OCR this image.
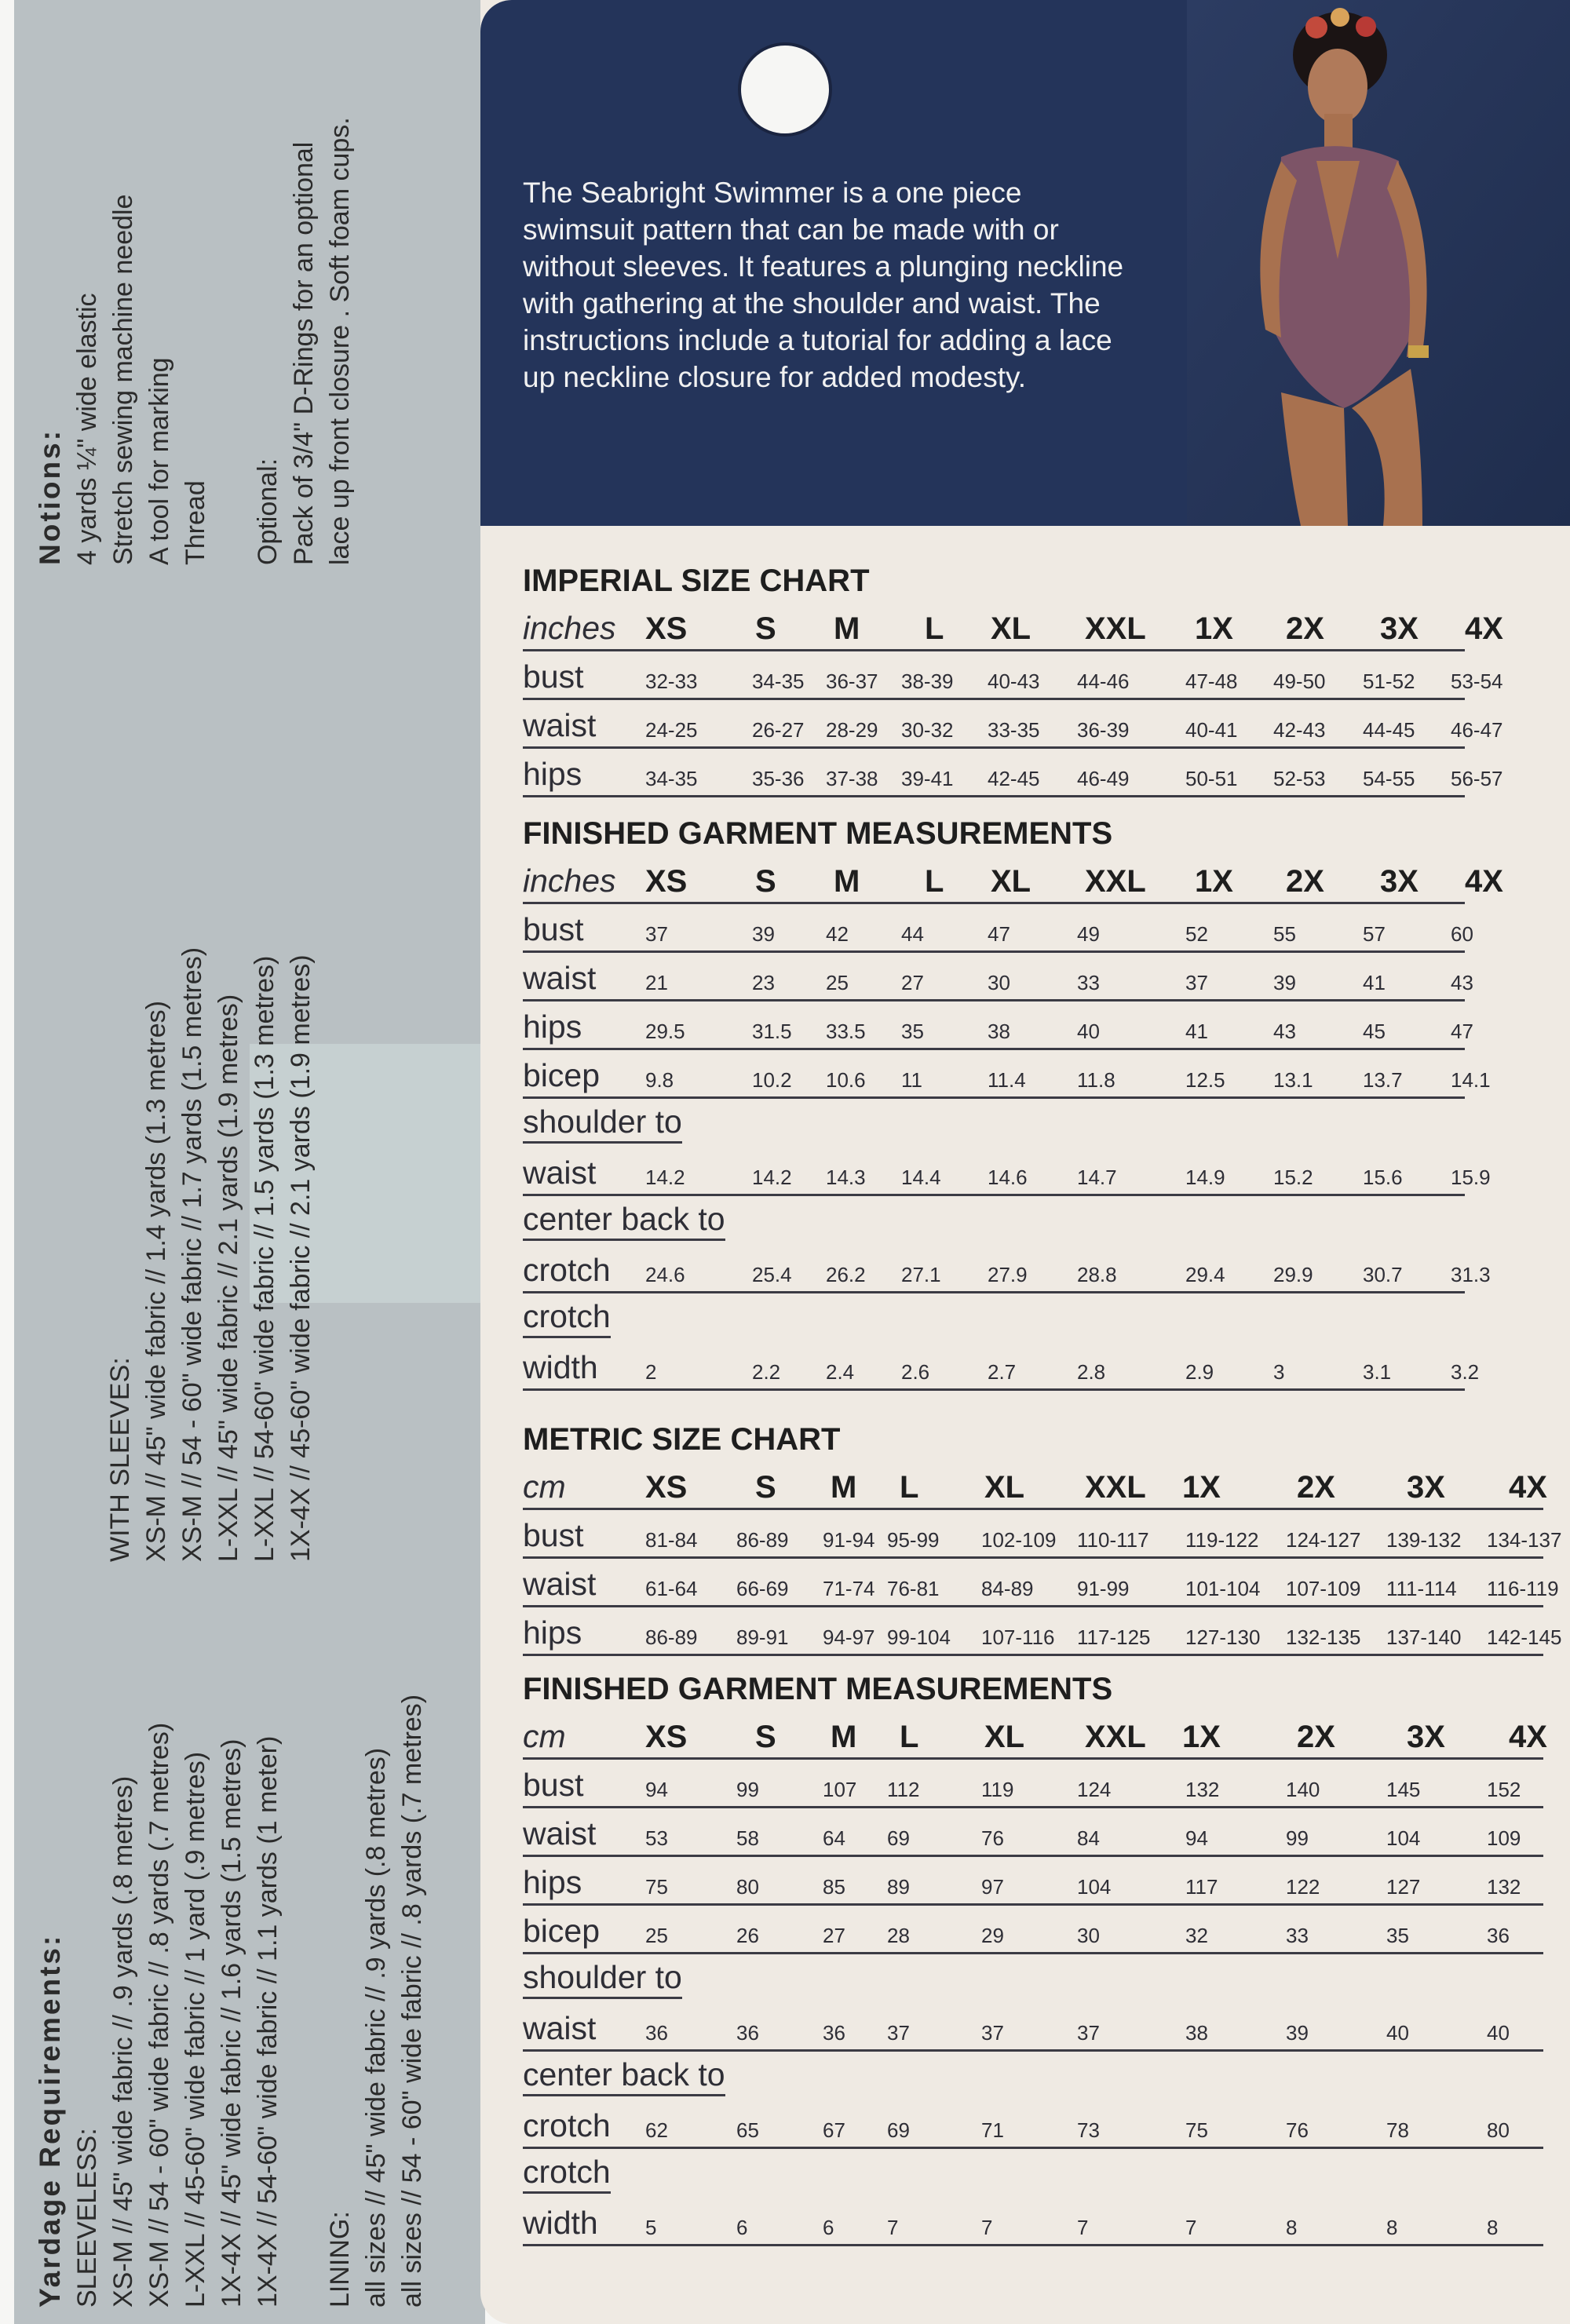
Notions: 4 yards ¼" wide elastic Stretch sewing machine needle A tool for marking Thread Optional: Pack of 3/4" D-Rings for an optional lace up front closure . Soft foam cups.
Yardage Requirements: SLEEVELESS: XS-M // 45" wide fabric // .9 yards (.8 metres) XS-M // 54 - 60" wide fabric // .8 yards (.7 metres) L-XXL // 45-60" wide fabric // 1 yard (.9 metres) 1X-4X // 45" wide fabric // 1.6 yards (1.5 metres) 1X-4X // 54-60" wide fabric // 1.1 yards (1 meter) LINING: all sizes // 45" wide fabric // .9 yards (.8 metres) all sizes // 54 - 60" wide fabric // .8 yards (.7 metres)
WITH SLEEVES: XS-M // 45" wide fabric // 1.4 yards (1.3 metres) XS-M // 54 - 60" wide fabric // 1.7 yards (1.5 metres) L-XXL // 45" wide fabric // 2.1 yards (1.9 metres) L-XXL // 54-60" wide fabric // 1.5 yards (1.3 metres) 1X-4X // 45-60" wide fabric // 2.1 yards (1.9 metres)
The Seabright Swimmer is a one piece swimsuit pattern that can be made with or without sleeves. It features a plunging neckline with gathering at the shoulder and waist. The instructions include a tutorial for adding a lace up neckline closure for added modesty.
IMPERIAL SIZE CHART
inches XS S M L XL XXL 1X 2X 3X 4X
bust	32-33	34-35 36-37 38-39 40-43 44-46	47-48 49-50 51-52 53-54
waist 24-25	26-27 28-29 30-32 33-35 36-39	40-41 42-43 44-45 46-47
hips	34-35	35-36 37-38 39-41 42-45 46-49	50-51 52-53 54-55 56-57
FINISHED GARMENT MEASUREMENTS
inches XS S M L XL XXL 1X 2X 3X 4X
bust	37	39	42	44	47	49	52	55	57	60
waist 21	23	25	27	30	33	37	39	41	43
hips	29.5	31.5 33.5 35	38	40	41	43	45	47
bicep 9.8	10.2 10.6 11	11.4	11.8	12.5 13.1 13.7 14.1
shoulder to
waist 14.2	14.2 14.3 14.4 14.6 14.7	14.9 15.2 15.6 15.9
center back to
crotch 24.6	25.4 26.2 27.1 27.9 28.8	29.4 29.9 30.7 31.3
crotch
width 2	2.2 2.4 2.6	2.7	2.8	2.9	3	3.1	3.2
METRIC SIZE CHART
cm	XS S M L XL XXL 1X 2X 3X 4X
bust	81-84 86-89 91-94 95-99 102-109 110-117 119-122 124-127 139-132 134-137
waist 61-64 66-69 71-74 76-81 84-89 91-99	101-104 107-109 111-114 116-119
hips	86-89 89-91 94-97 99-104 107-116 117-125 127-130 132-135 137-140 142-145
FINISHED GARMENT MEASUREMENTS
cm	XS S M L XL XXL 1X 2X 3X 4X
bust	94	99	107 112	119	124	132	140	145	152
waist 53	58	64 69	76	84	94	99	104	109
hips	75	80	85 89	97	104	117	122	127	132
bicep 25	26	27 28	29	30	32	33	35	36
shoulder to
waist 36	36	36 37	37	37	38	39	40	40
center back to
crotch 62	65	67 69	71	73	75	76	78	80
crotch
width 5	6	6	7	7	7	7	8	8	8
